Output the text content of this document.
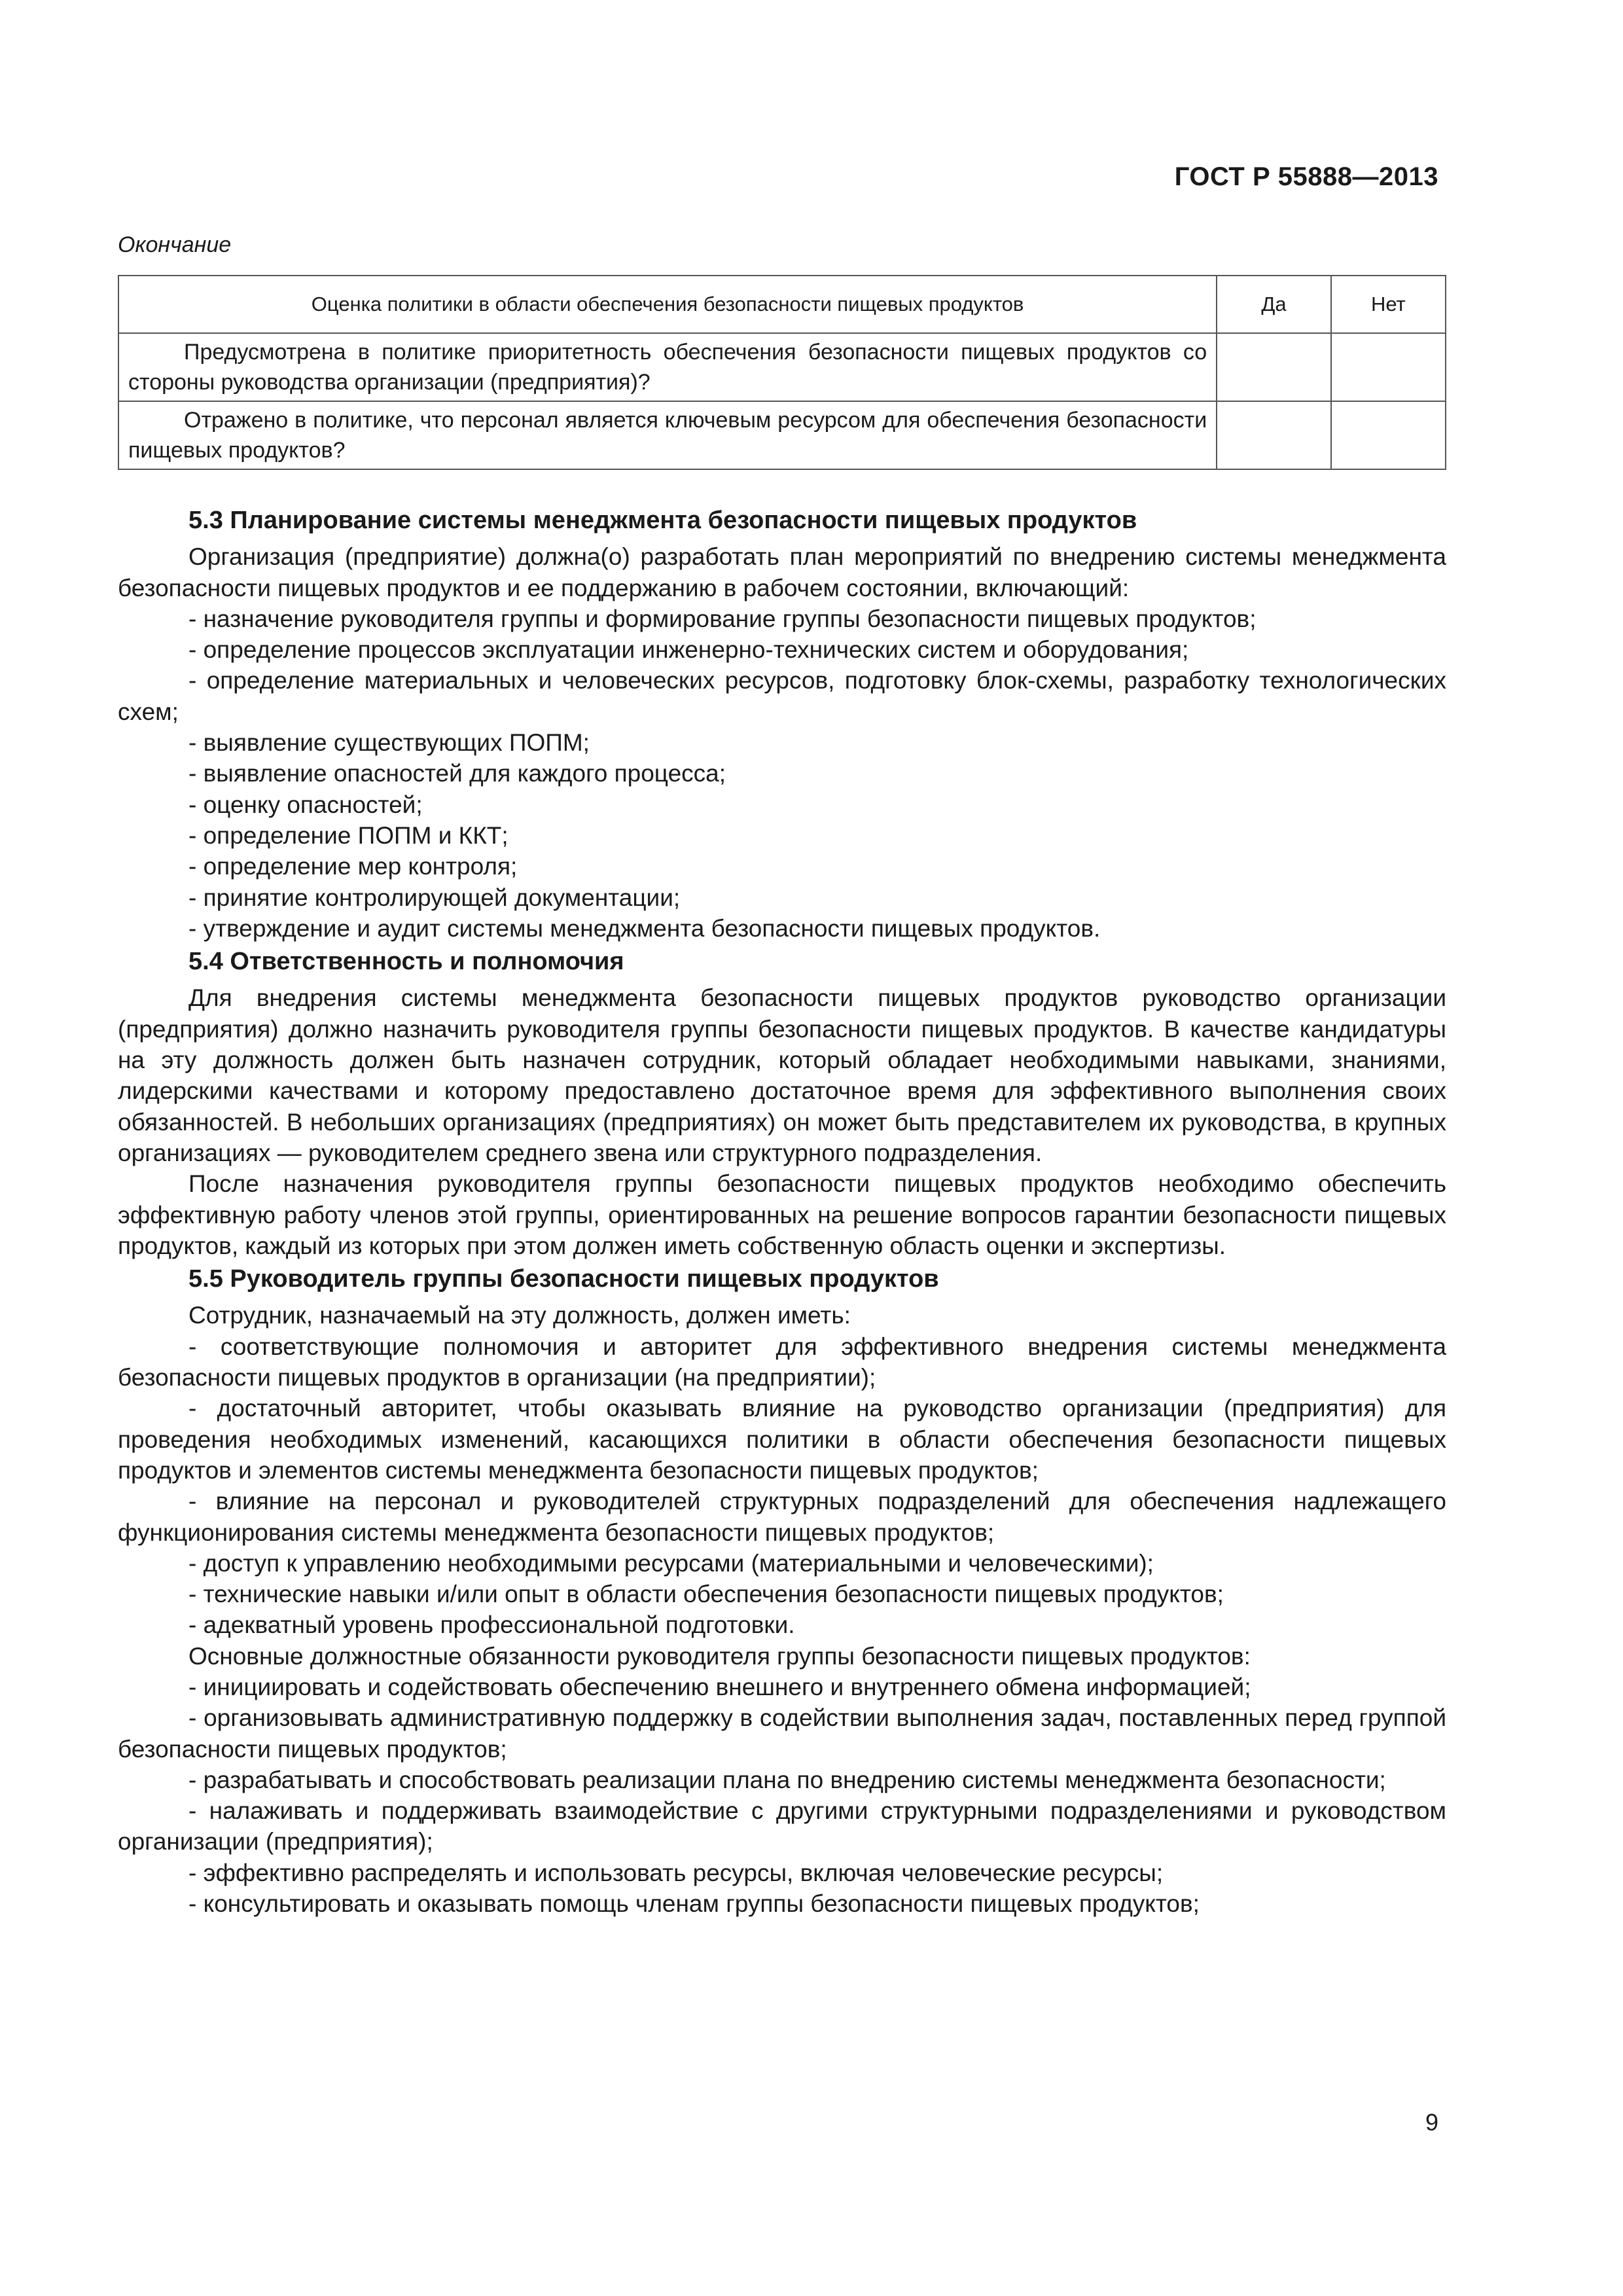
ГОСТ Р 55888—2013
Окончание
Оценка политики в области обеспечения безопасности пищевых продуктов	Да	Нет
Предусмотрена в политике приоритетность обеспечения безопасности пищевых продуктов со стороны руководства организации (предприятия)?		
Отражено в политике, что персонал является ключевым ресурсом для обеспечения безопасности пищевых продуктов?		

5.3 Планирование системы менеджмента безопасности пищевых продуктов

Организация (предприятие) должна(о) разработать план мероприятий по внедрению системы менеджмента безопасности пищевых продуктов и ее поддержанию в рабочем состоянии, включающий:

- назначение руководителя группы и формирование группы безопасности пищевых продуктов;

- определение процессов эксплуатации инженерно-технических систем и оборудования;

- определение материальных и человеческих ресурсов, подготовку блок-схемы, разработку технологических схем;

- выявление существующих ПОПМ;

- выявление опасностей для каждого процесса;

- оценку опасностей;

- определение ПОПМ и ККТ;

- определение мер контроля;

- принятие контролирующей документации;

- утверждение и аудит системы менеджмента безопасности пищевых продуктов.

5.4 Ответственность и полномочия

Для внедрения системы менеджмента безопасности пищевых продуктов руководство организации (предприятия) должно назначить руководителя группы безопасности пищевых продуктов. В качестве кандидатуры на эту должность должен быть назначен сотрудник, который обладает необходимыми навыками, знаниями, лидерскими качествами и которому предоставлено достаточное время для эффективного выполнения своих обязанностей. В небольших организациях (предприятиях) он может быть представителем их руководства, в крупных организациях — руководителем среднего звена или структурного подразделения.

После назначения руководителя группы безопасности пищевых продуктов необходимо обеспечить эффективную работу членов этой группы, ориентированных на решение вопросов гарантии безопасности пищевых продуктов, каждый из которых при этом должен иметь собственную область оценки и экспертизы.

5.5 Руководитель группы безопасности пищевых продуктов

Сотрудник, назначаемый на эту должность, должен иметь:

- соответствующие полномочия и авторитет для эффективного внедрения системы менеджмента безопасности пищевых продуктов в организации (на предприятии);

- достаточный авторитет, чтобы оказывать влияние на руководство организации (предприятия) для проведения необходимых изменений, касающихся политики в области обеспечения безопасности пищевых продуктов и элементов системы менеджмента безопасности пищевых продуктов;

- влияние на персонал и руководителей структурных подразделений для обеспечения надлежащего функционирования системы менеджмента безопасности пищевых продуктов;

- доступ к управлению необходимыми ресурсами (материальными и человеческими);

- технические навыки и/или опыт в области обеспечения безопасности пищевых продуктов;

- адекватный уровень профессиональной подготовки.

Основные должностные обязанности руководителя группы безопасности пищевых продуктов:

- инициировать и содействовать обеспечению внешнего и внутреннего обмена информацией;

- организовывать административную поддержку в содействии выполнения задач, поставленных перед группой безопасности пищевых продуктов;

- разрабатывать и способствовать реализации плана по внедрению системы менеджмента безопасности;

- налаживать и поддерживать взаимодействие с другими структурными подразделениями и руководством организации (предприятия);

- эффективно распределять и использовать ресурсы, включая человеческие ресурсы;

- консультировать и оказывать помощь членам группы безопасности пищевых продуктов;

9
